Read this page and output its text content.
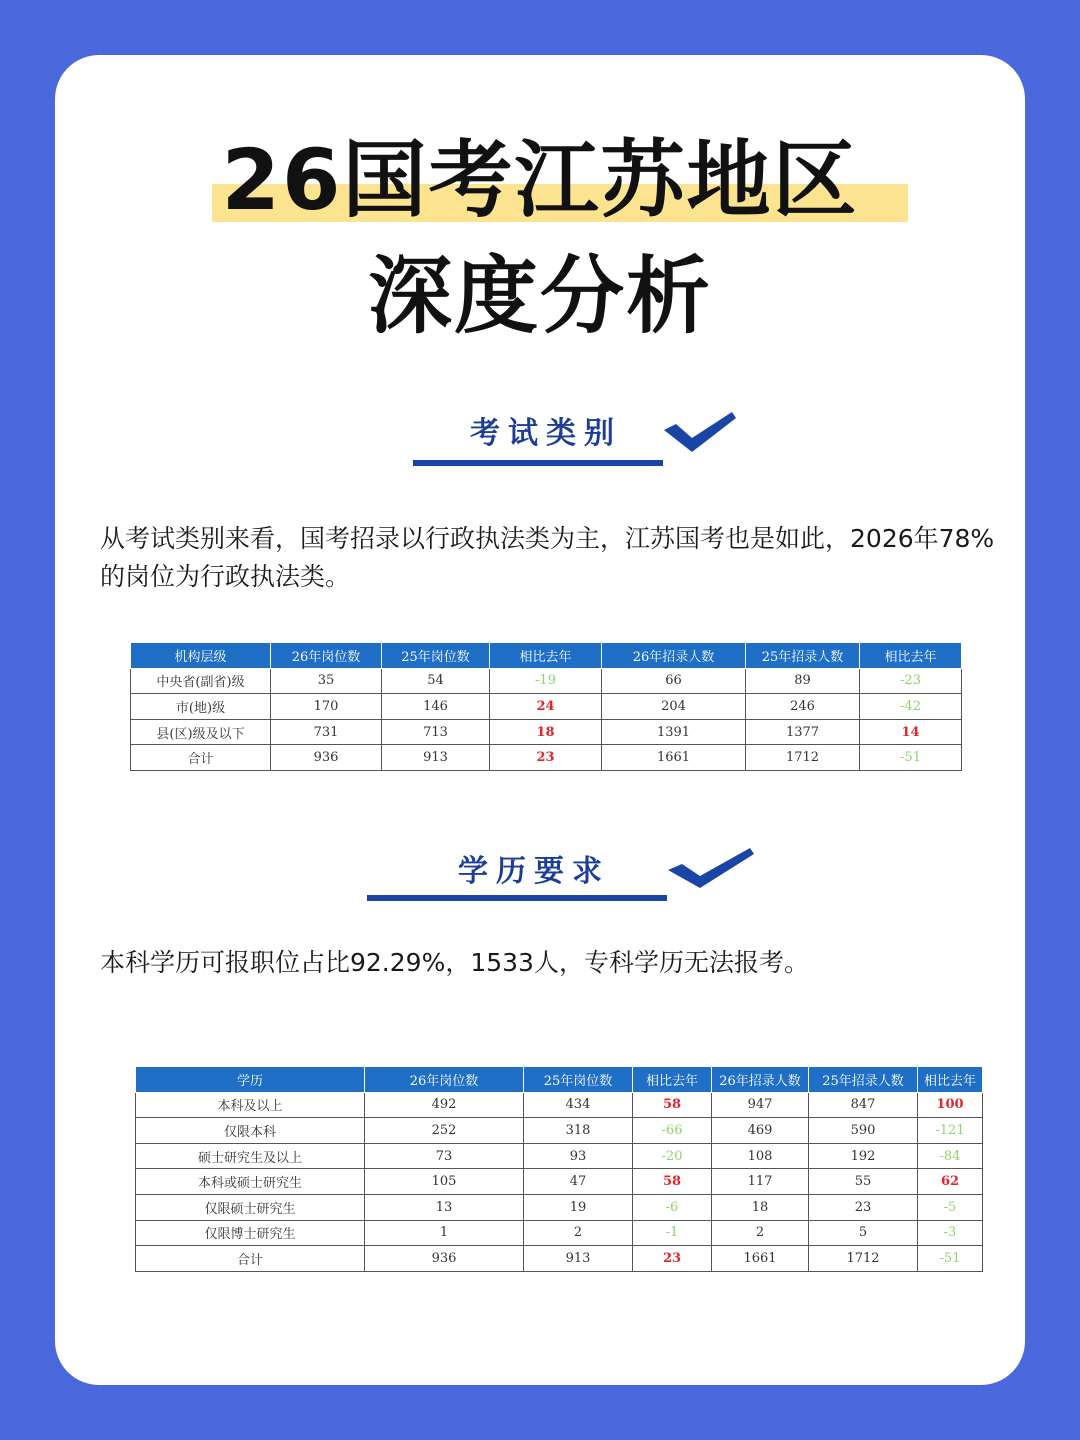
26国考江苏地区
深度分析
考试类别
从考试类别来看，国考招录以行政执法类为主，江苏国考也是如此，2026年78%的岗位为行政执法类。
机构层级	26年岗位数	25年岗位数	相比去年	26年招录人数	25年招录人数	相比去年
中央省(副省)级	35	54	-19	66	89	-23
市(地)级	170	146	24	204	246	-42
县(区)级及以下	731	713	18	1391	1377	14
合计	936	913	23	1661	1712	-51
学历要求
本科学历可报职位占比92.29%，1533人，专科学历无法报考。
学历	26年岗位数	25年岗位数	相比去年	26年招录人数	25年招录人数	相比去年
本科及以上	492	434	58	947	847	100
仅限本科	252	318	-66	469	590	-121
硕士研究生及以上	73	93	-20	108	192	-84
本科或硕士研究生	105	47	58	117	55	62
仅限硕士研究生	13	19	-6	18	23	-5
仅限博士研究生	1	2	-1	2	5	-3
合计	936	913	23	1661	1712	-51
